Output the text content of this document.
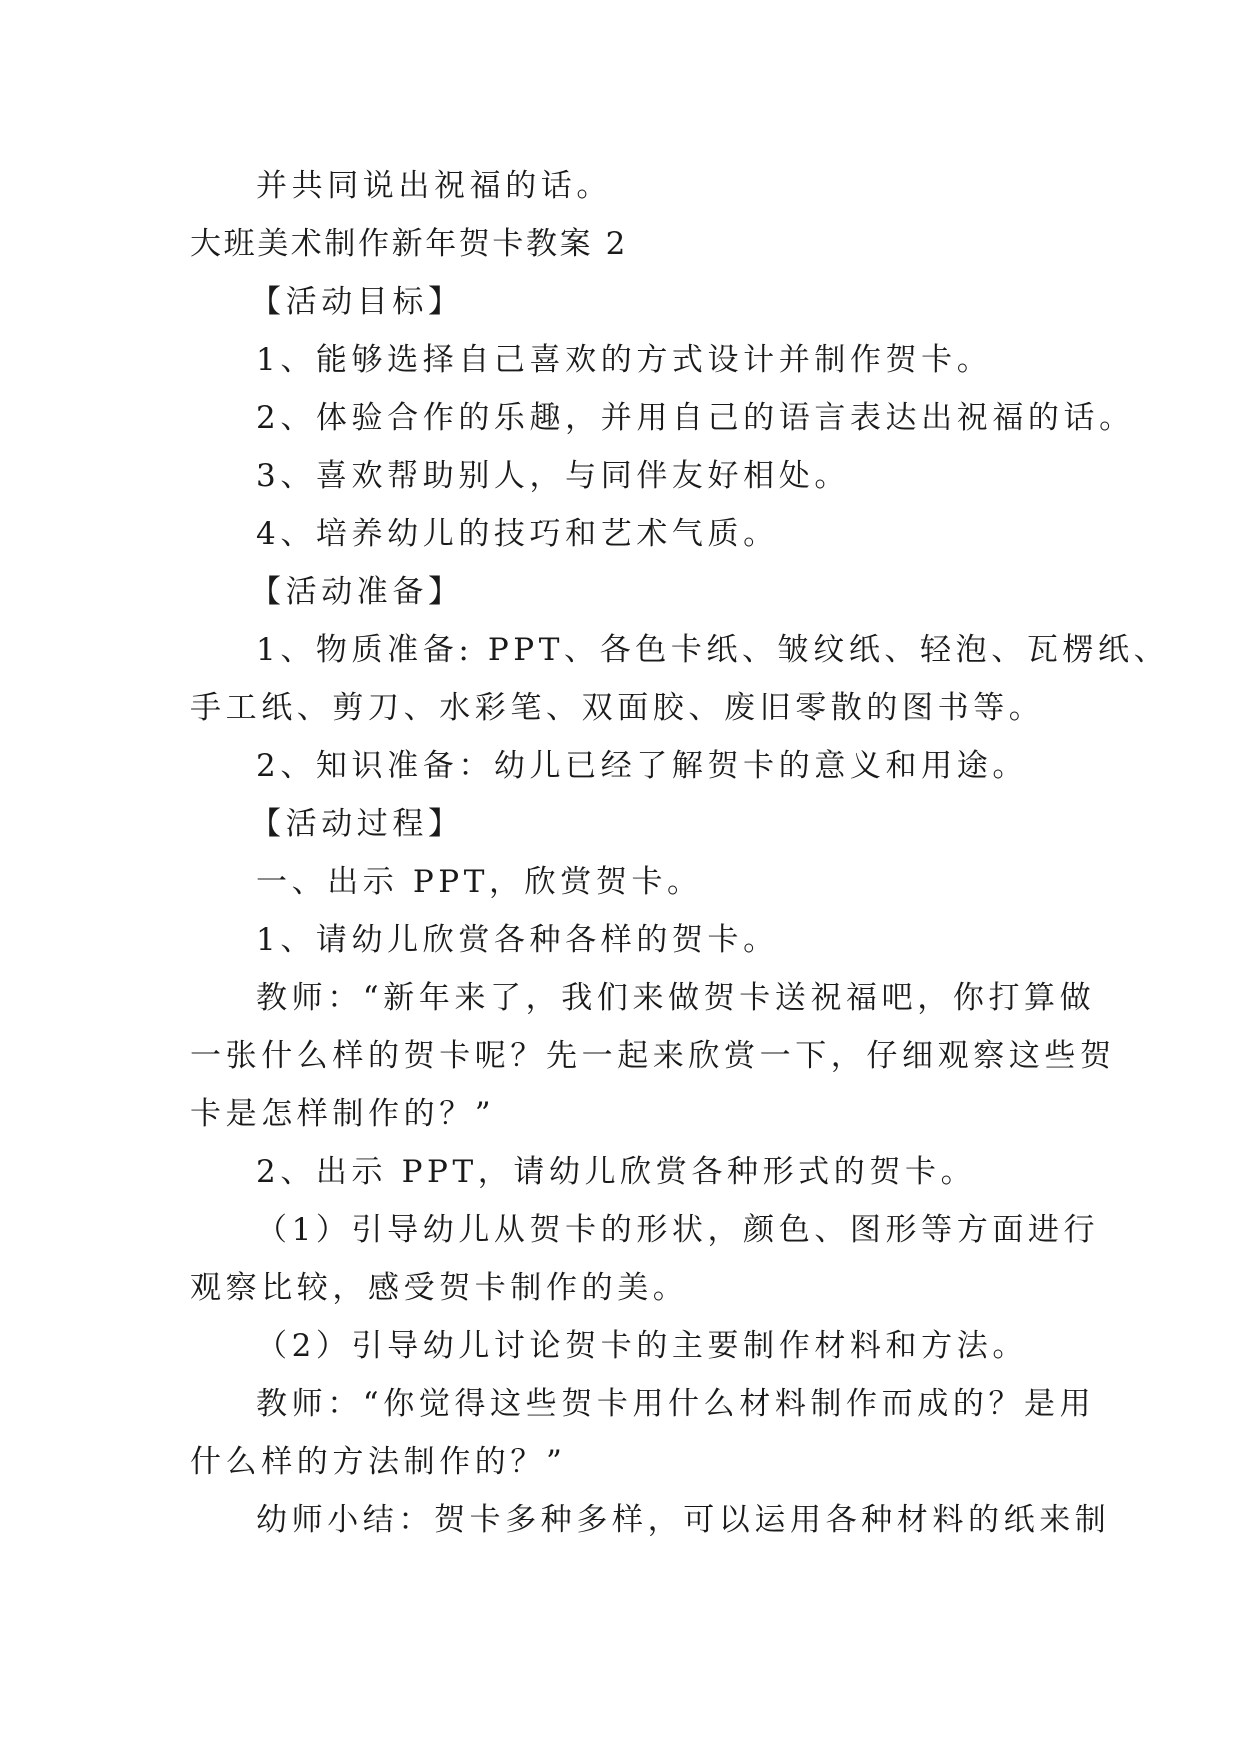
并共同说出祝福的话。
大班美术制作新年贺卡教案 2
【活动目标】
1、能够选择自己喜欢的方式设计并制作贺卡。
2、体验合作的乐趣，并用自己的语言表达出祝福的话。
3、喜欢帮助别人，与同伴友好相处。
4、培养幼儿的技巧和艺术气质。
【活动准备】
1、物质准备: PPT、各色卡纸、皱纹纸、轻泡、瓦楞纸、
手工纸、剪刀、水彩笔、双面胶、废旧零散的图书等。
2、知识准备：幼儿已经了解贺卡的意义和用途。
【活动过程】
一、出示 PPT，欣赏贺卡。
1、请幼儿欣赏各种各样的贺卡。
教师：“新年来了，我们来做贺卡送祝福吧，你打算做
一张什么样的贺卡呢？先一起来欣赏一下，仔细观察这些贺
卡是怎样制作的？”
2、出示 PPT，请幼儿欣赏各种形式的贺卡。
（1）引导幼儿从贺卡的形状，颜色、图形等方面进行
观察比较，感受贺卡制作的美。
（2）引导幼儿讨论贺卡的主要制作材料和方法。
教师：“你觉得这些贺卡用什么材料制作而成的？是用
什么样的方法制作的？”
幼师小结：贺卡多种多样，可以运用各种材料的纸来制
